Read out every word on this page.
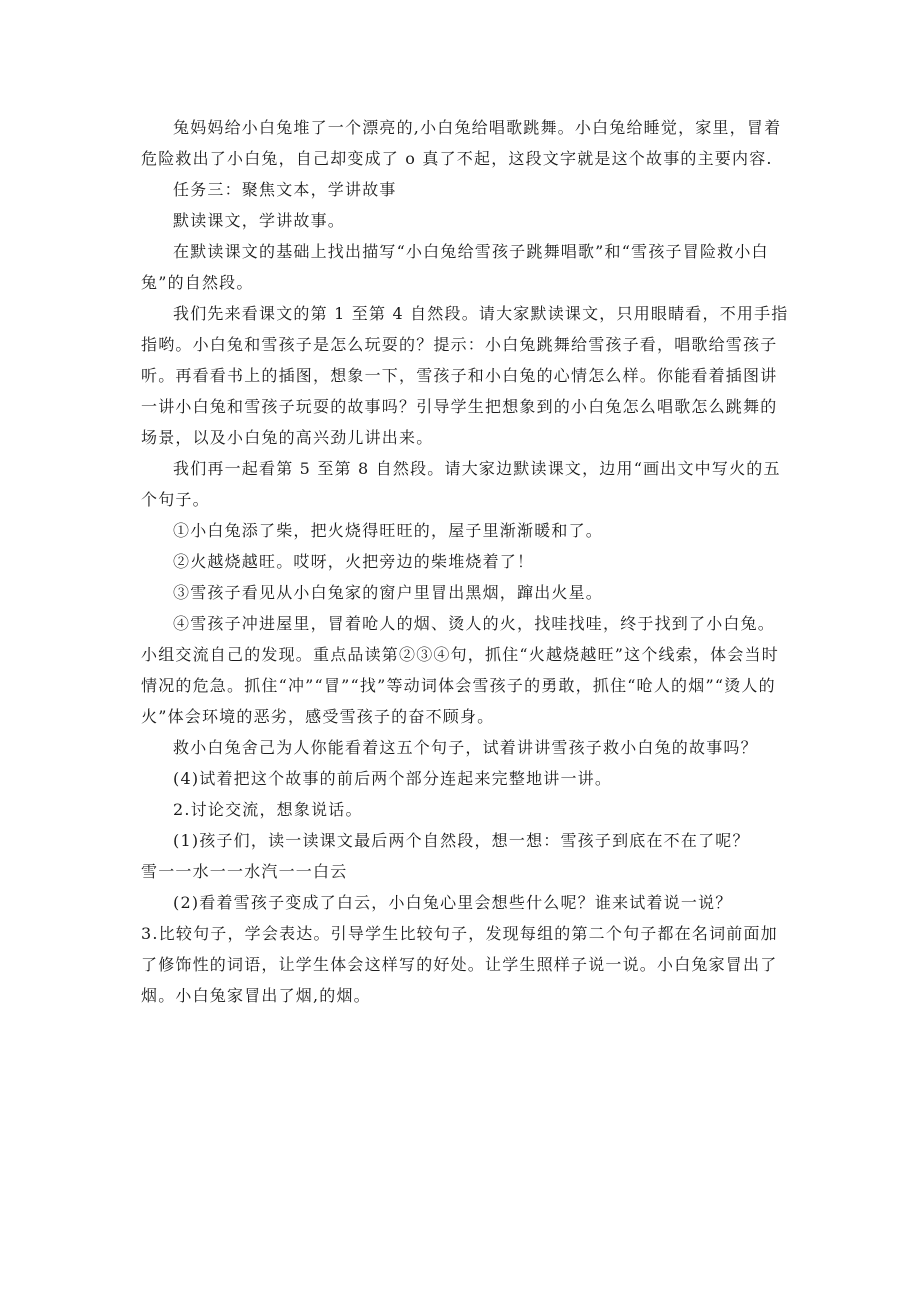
兔妈妈给小白兔堆了一个漂亮的,小白兔给唱歌跳舞。小白兔给睡觉，家里，冒着危险救出了小白兔，自己却变成了 o 真了不起，这段文字就是这个故事的主要内容.

任务三：聚焦文本，学讲故事

默读课文，学讲故事。

在默读课文的基础上找出描写“小白兔给雪孩子跳舞唱歌”和“雪孩子冒险救小白兔”的自然段。

我们先来看课文的第 1 至第 4 自然段。请大家默读课文，只用眼睛看，不用手指指哟。小白兔和雪孩子是怎么玩耍的？提示：小白兔跳舞给雪孩子看，唱歌给雪孩子听。再看看书上的插图，想象一下，雪孩子和小白兔的心情怎么样。你能看着插图讲一讲小白兔和雪孩子玩耍的故事吗？引导学生把想象到的小白兔怎么唱歌怎么跳舞的场景，以及小白兔的高兴劲儿讲出来。

我们再一起看第 5 至第 8 自然段。请大家边默读课文，边用“画出文中写火的五个句子。

①小白兔添了柴，把火烧得旺旺的，屋子里渐渐暖和了。

②火越烧越旺。哎呀，火把旁边的柴堆烧着了！

③雪孩子看见从小白兔家的窗户里冒出黑烟，蹿出火星。

④雪孩子冲进屋里，冒着呛人的烟、烫人的火，找哇找哇，终于找到了小白兔。小组交流自己的发现。重点品读第②③④句，抓住“火越烧越旺”这个线索，体会当时情况的危急。抓住“冲”“冒”“找”等动词体会雪孩子的勇敢，抓住“呛人的烟”“烫人的火”体会环境的恶劣，感受雪孩子的奋不顾身。

救小白兔舍己为人你能看着这五个句子，试着讲讲雪孩子救小白兔的故事吗？

(4)试着把这个故事的前后两个部分连起来完整地讲一讲。

2.讨论交流，想象说话。

(1)孩子们，读一读课文最后两个自然段，想一想：雪孩子到底在不在了呢？

雪一一水一一水汽一一白云

(2)看着雪孩子变成了白云，小白兔心里会想些什么呢？谁来试着说一说？

3.比较句子，学会表达。引导学生比较句子，发现每组的第二个句子都在名词前面加了修饰性的词语，让学生体会这样写的好处。让学生照样子说一说。小白兔家冒出了烟。小白兔家冒出了烟,的烟。
